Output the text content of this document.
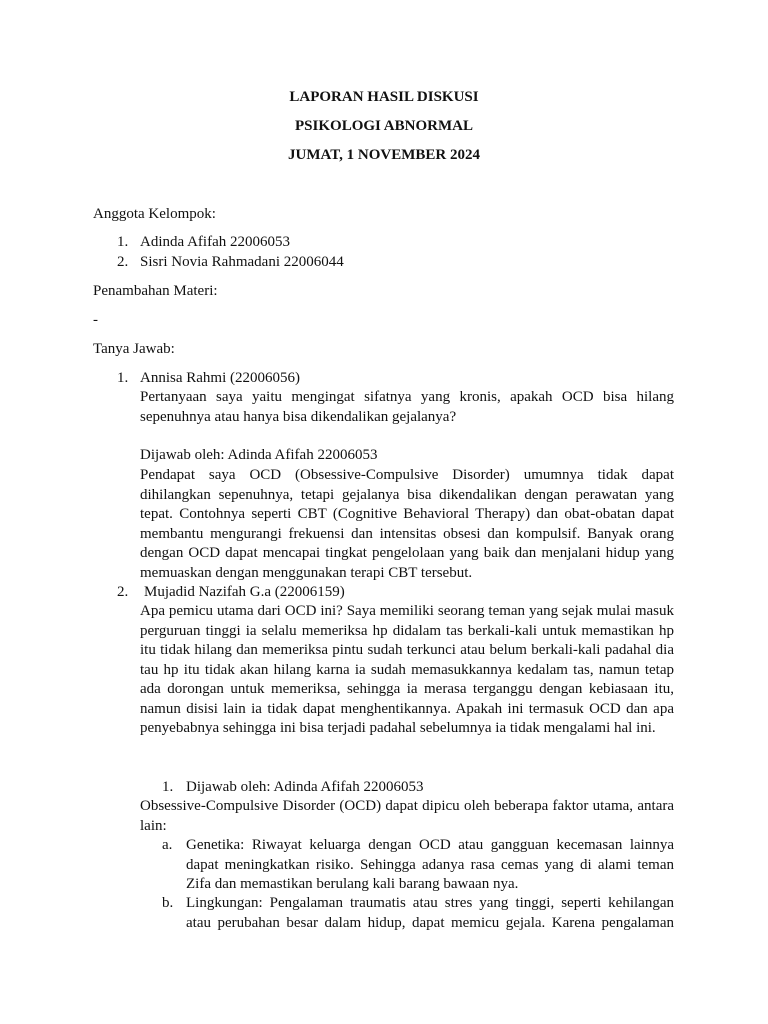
LAPORAN HASIL DISKUSI
PSIKOLOGI ABNORMAL
JUMAT, 1 NOVEMBER 2024
Anggota Kelompok:
1. Adinda Afifah 22006053
2. Sisri Novia Rahmadani 22006044
Penambahan Materi:
-
Tanya Jawab:
1. Annisa Rahmi (22006056)
Pertanyaan saya yaitu mengingat sifatnya yang kronis, apakah OCD bisa hilang sepenuhnya atau hanya bisa dikendalikan gejalanya?
Dijawab oleh: Adinda Afifah 22006053
Pendapat saya OCD (Obsessive-Compulsive Disorder) umumnya tidak dapat dihilangkan sepenuhnya, tetapi gejalanya bisa dikendalikan dengan perawatan yang tepat. Contohnya seperti CBT (Cognitive Behavioral Therapy) dan obat-obatan dapat membantu mengurangi frekuensi dan intensitas obsesi dan kompulsif. Banyak orang dengan OCD dapat mencapai tingkat pengelolaan yang baik dan menjalani hidup yang memuaskan dengan menggunakan terapi CBT tersebut.
2. Mujadid Nazifah G.a (22006159)
Apa pemicu utama dari OCD ini? Saya memiliki seorang teman yang sejak mulai masuk perguruan tinggi ia selalu memeriksa hp didalam tas berkali-kali untuk memastikan hp itu tidak hilang dan memeriksa pintu sudah terkunci atau belum berkali-kali padahal dia tau hp itu tidak akan hilang karna ia sudah memasukkannya kedalam tas, namun tetap ada dorongan untuk memeriksa, sehingga ia merasa terganggu dengan kebiasaan itu, namun disisi lain ia tidak dapat menghentikannya. Apakah ini termasuk OCD dan apa penyebabnya sehingga ini bisa terjadi padahal sebelumnya ia tidak mengalami hal ini.
1. Dijawab oleh: Adinda Afifah 22006053
Obsessive-Compulsive Disorder (OCD) dapat dipicu oleh beberapa faktor utama, antara lain:
a. Genetika: Riwayat keluarga dengan OCD atau gangguan kecemasan lainnya dapat meningkatkan risiko. Sehingga adanya rasa cemas yang di alami teman Zifa dan memastikan berulang kali barang bawaan nya.
b. Lingkungan: Pengalaman traumatis atau stres yang tinggi, seperti kehilangan atau perubahan besar dalam hidup, dapat memicu gejala. Karena pengalaman
